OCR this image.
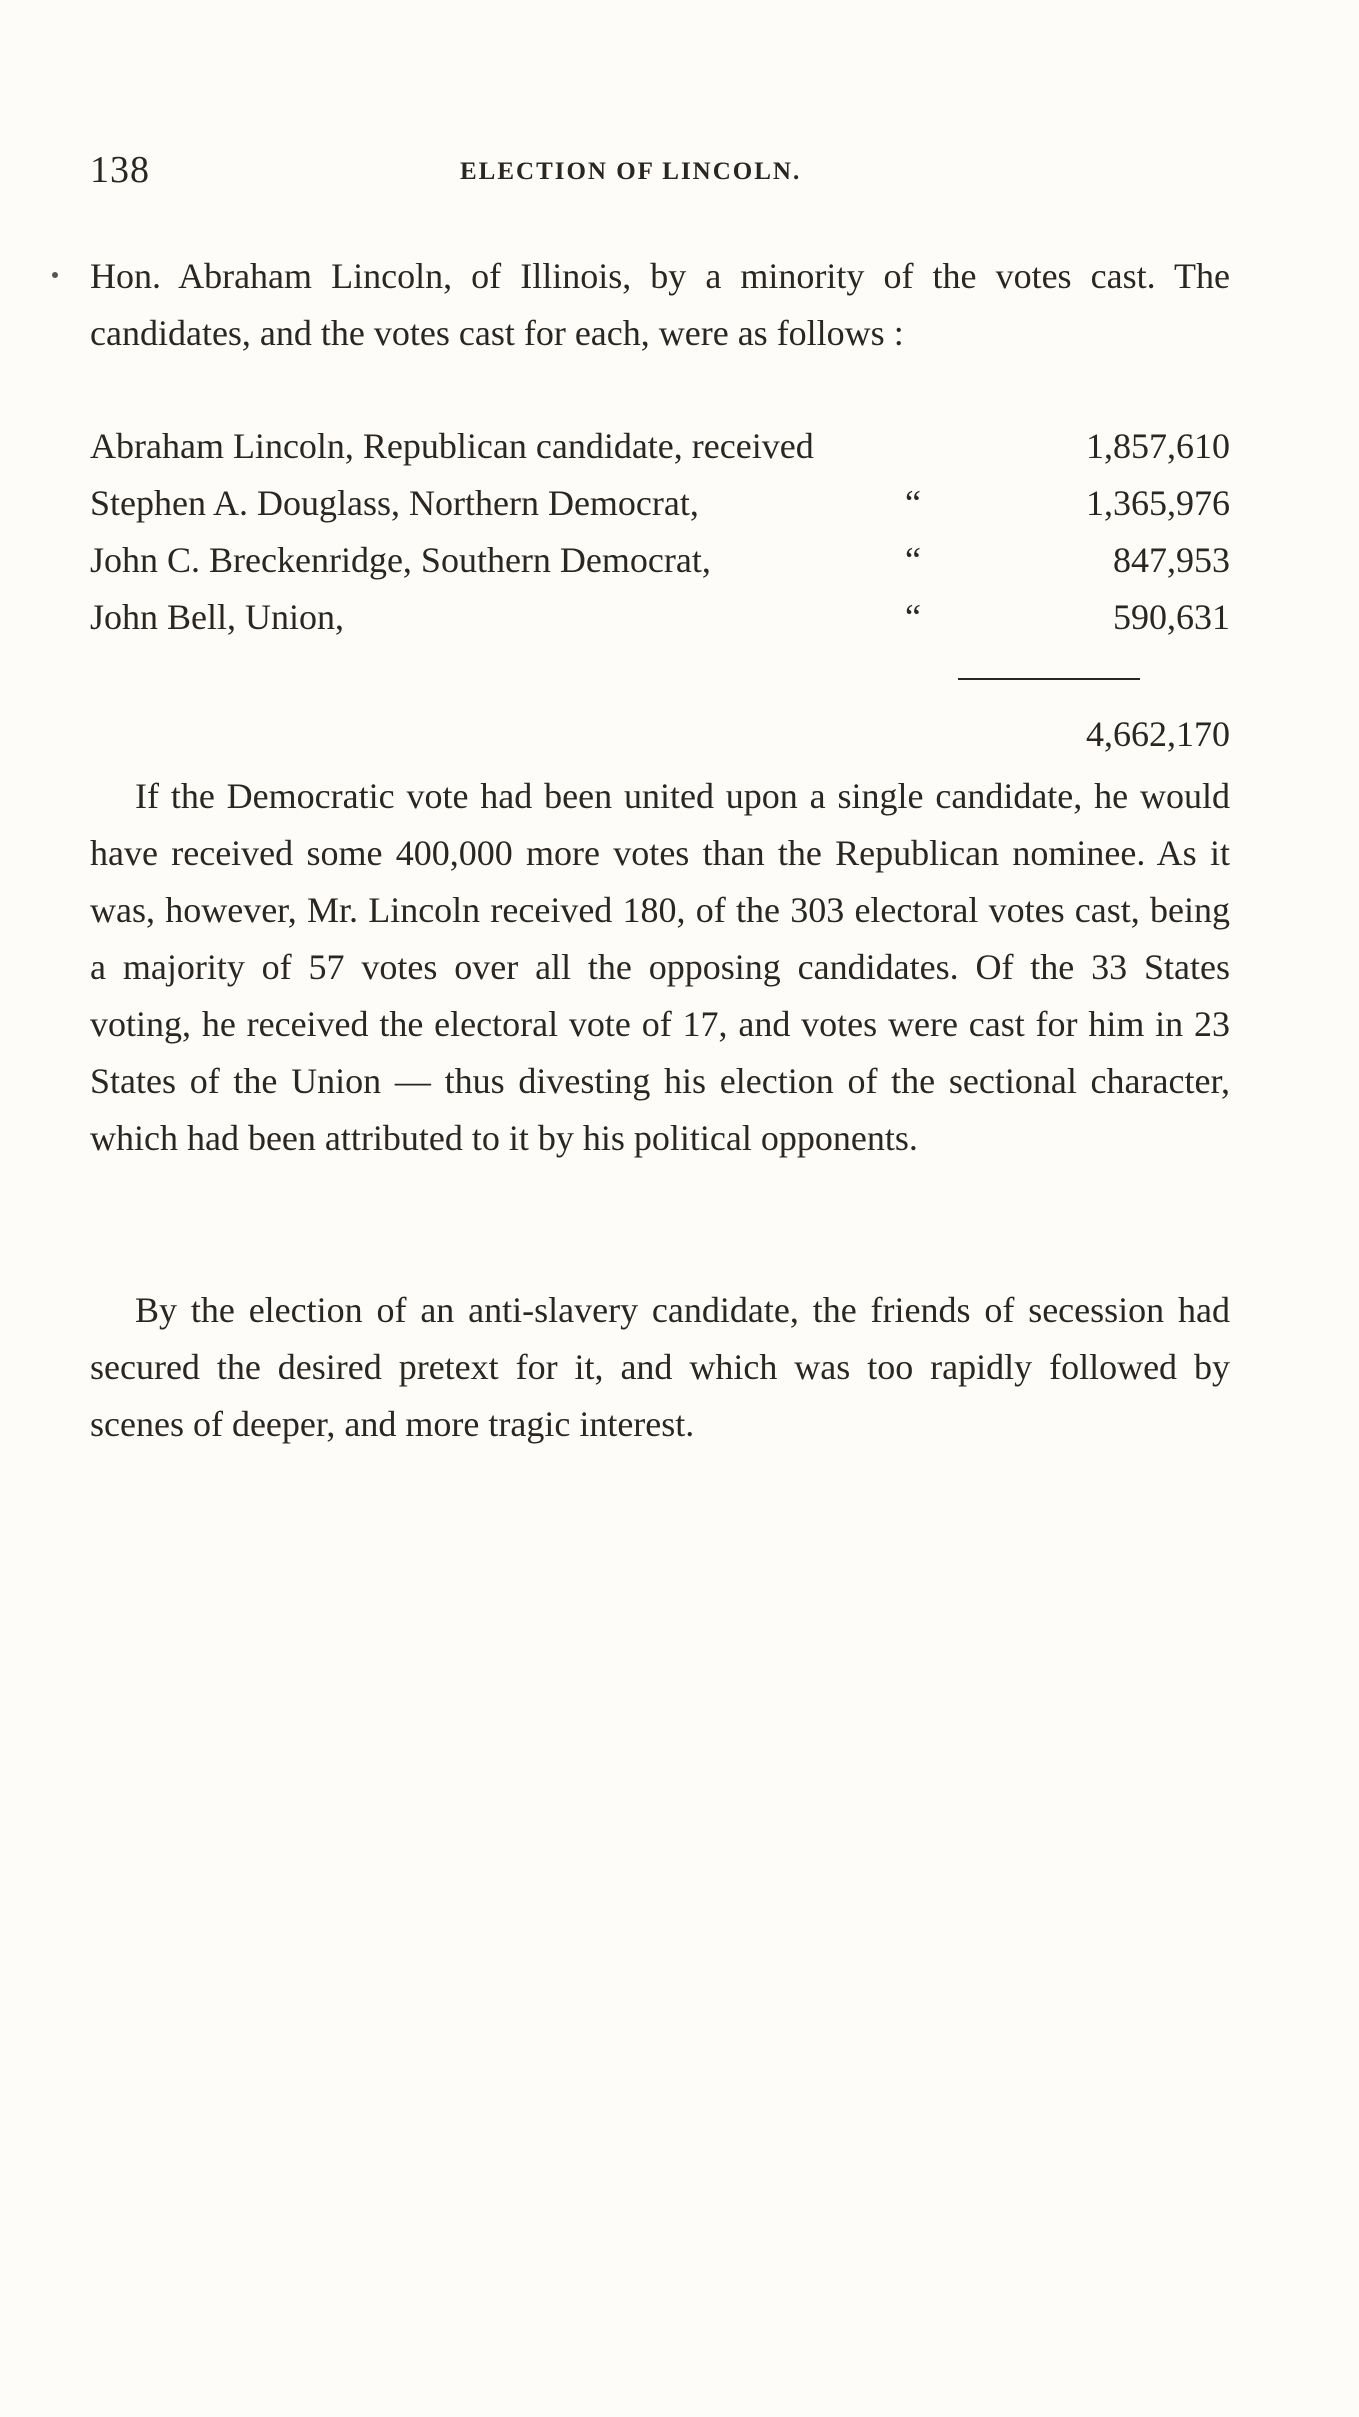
138	ELECTION OF LINCOLN.
Hon. Abraham Lincoln, of Illinois, by a minority of the votes cast. The candidates, and the votes cast for each, were as follows :
Abraham Lincoln, Republican candidate, received	1,857,610
Stephen A. Douglass, Northern Democrat,	“	1,365,976
John C. Breckenridge, Southern Democrat,	“	847,953
John Bell, Union,	“	590,631
4,662,170
If the Democratic vote had been united upon a single candidate, he would have received some 400,000 more votes than the Republican nominee. As it was, however, Mr. Lincoln received 180, of the 303 electoral votes cast, being a majority of 57 votes over all the opposing candidates. Of the 33 States voting, he received the electoral vote of 17, and votes were cast for him in 23 States of the Union — thus divesting his election of the sectional character, which had been attributed to it by his political opponents.
By the election of an anti-slavery candidate, the friends of secession had secured the desired pretext for it, and which was too rapidly followed by scenes of deeper, and more tragic interest.
